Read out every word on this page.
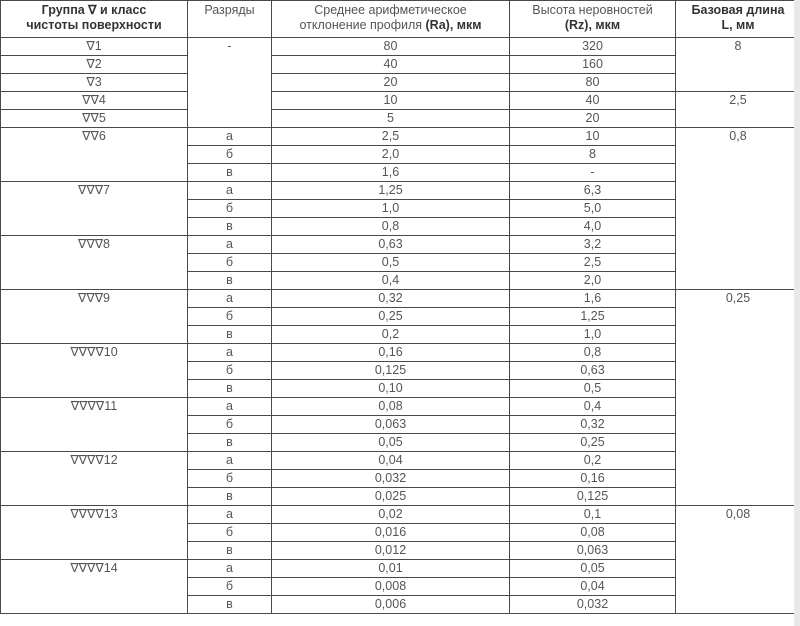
Группа ∇ и класс
чистоты поверхности	Разряды	Среднее арифметическое
отклонение профиля (Ra), мкм	Высота неровностей
(Rz), мкм	Базовая длина
L, мм
∇1	-	80	320	8
∇2		40	160	
∇3		20	80	
∇∇4		10	40	2,5
∇∇5		5	20	
∇∇6	а	2,5	10	0,8
	б	2,0	8	
	в	1,6	-	
∇∇∇7	а	1,25	6,3	
	б	1,0	5,0	
	в	0,8	4,0	
∇∇∇8	а	0,63	3,2	
	б	0,5	2,5	
	в	0,4	2,0	
∇∇∇9	а	0,32	1,6	0,25
	б	0,25	1,25	
	в	0,2	1,0	
∇∇∇∇10	а	0,16	0,8	
	б	0,125	0,63	
	в	0,10	0,5	
∇∇∇∇11	а	0,08	0,4	
	б	0,063	0,32	
	в	0,05	0,25	
∇∇∇∇12	а	0,04	0,2	
	б	0,032	0,16	
	в	0,025	0,125	
∇∇∇∇13	а	0,02	0,1	0,08
	б	0,016	0,08	
	в	0,012	0,063	
∇∇∇∇14	а	0,01	0,05	
	б	0,008	0,04	
	в	0,006	0,032	
